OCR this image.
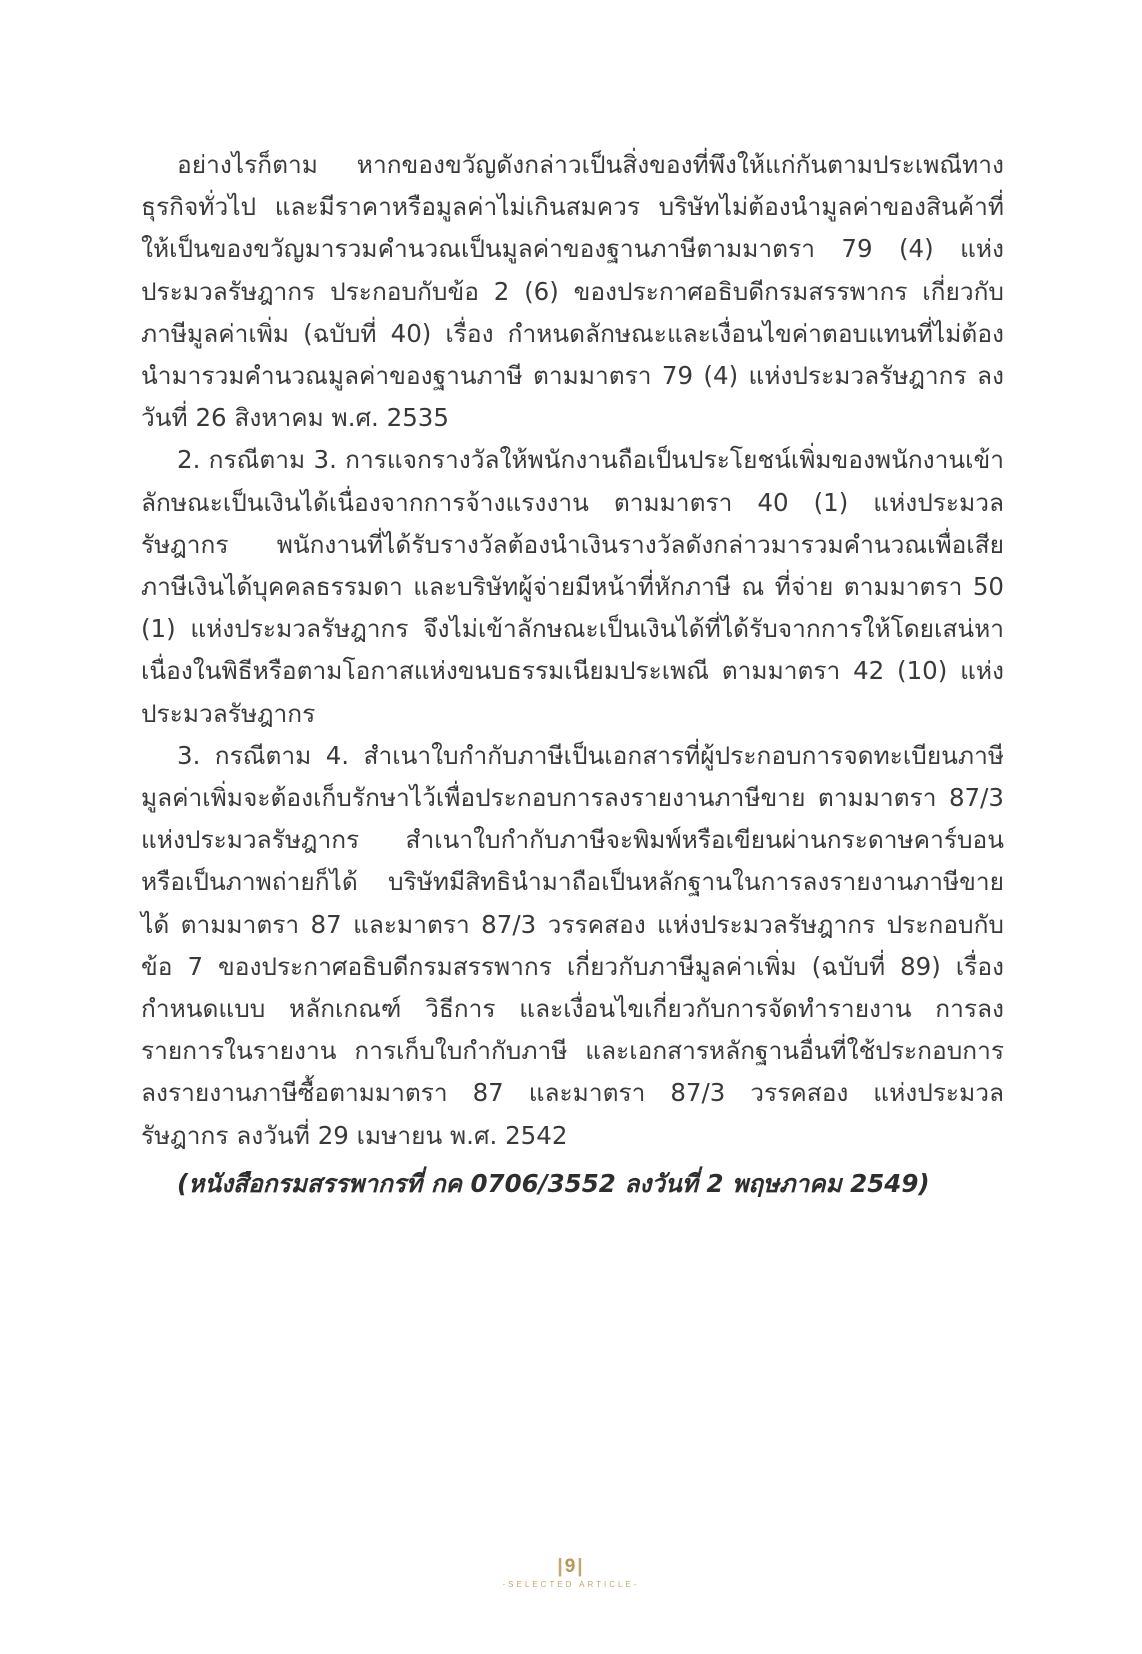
อย่างไรก็ตาม หากของขวัญดังกล่าวเป็นสิ่งของที่พึงให้แก่กันตามประเพณีทางธุรกิจทั่วไป และมีราคาหรือมูลค่าไม่เกินสมควร บริษัทไม่ต้องนำมูลค่าของสินค้าที่ให้เป็นของขวัญมารวมคำนวณเป็นมูลค่าของฐานภาษีตามมาตรา 79 (4) แห่งประมวลรัษฎากร ประกอบกับข้อ 2 (6) ของประกาศอธิบดีกรมสรรพากร เกี่ยวกับภาษีมูลค่าเพิ่ม (ฉบับที่ 40) เรื่อง กำหนดลักษณะและเงื่อนไขค่าตอบแทนที่ไม่ต้องนำมารวมคำนวณมูลค่าของฐานภาษี ตามมาตรา 79 (4) แห่งประมวลรัษฎากร ลงวันที่ 26 สิงหาคม พ.ศ. 2535

2. กรณีตาม 3. การแจกรางวัลให้พนักงานถือเป็นประโยชน์เพิ่มของพนักงานเข้าลักษณะเป็นเงินได้เนื่องจากการจ้างแรงงาน ตามมาตรา 40 (1) แห่งประมวลรัษฎากร พนักงานที่ได้รับรางวัลต้องนำเงินรางวัลดังกล่าวมารวมคำนวณเพื่อเสียภาษีเงินได้บุคคลธรรมดา และบริษัทผู้จ่ายมีหน้าที่หักภาษี ณ ที่จ่าย ตามมาตรา 50 (1) แห่งประมวลรัษฎากร จึงไม่เข้าลักษณะเป็นเงินได้ที่ได้รับจากการให้โดยเสน่หาเนื่องในพิธีหรือตามโอกาสแห่งขนบธรรมเนียมประเพณี ตามมาตรา 42 (10) แห่งประมวลรัษฎากร

3. กรณีตาม 4. สำเนาใบกำกับภาษีเป็นเอกสารที่ผู้ประกอบการจดทะเบียนภาษีมูลค่าเพิ่มจะต้องเก็บรักษาไว้เพื่อประกอบการลงรายงานภาษีขาย ตามมาตรา 87/3 แห่งประมวลรัษฎากร สำเนาใบกำกับภาษีจะพิมพ์หรือเขียนผ่านกระดาษคาร์บอนหรือเป็นภาพถ่ายก็ได้ บริษัทมีสิทธินำมาถือเป็นหลักฐานในการลงรายงานภาษีขายได้ ตามมาตรา 87 และมาตรา 87/3 วรรคสอง แห่งประมวลรัษฎากร ประกอบกับข้อ 7 ของประกาศอธิบดีกรมสรรพากร เกี่ยวกับภาษีมูลค่าเพิ่ม (ฉบับที่ 89) เรื่อง กำหนดแบบ หลักเกณฑ์ วิธีการ และเงื่อนไขเกี่ยวกับการจัดทำรายงาน การลงรายการในรายงาน การเก็บใบกำกับภาษี และเอกสารหลักฐานอื่นที่ใช้ประกอบการลงรายงานภาษีซื้อตามมาตรา 87 และมาตรา 87/3 วรรคสอง แห่งประมวลรัษฎากร ลงวันที่ 29 เมษายน พ.ศ. 2542

(หนังสือกรมสรรพากรที่ กค 0706/3552 ลงวันที่ 2 พฤษภาคม 2549)

|9|
-SELECTED ARTICLE-
